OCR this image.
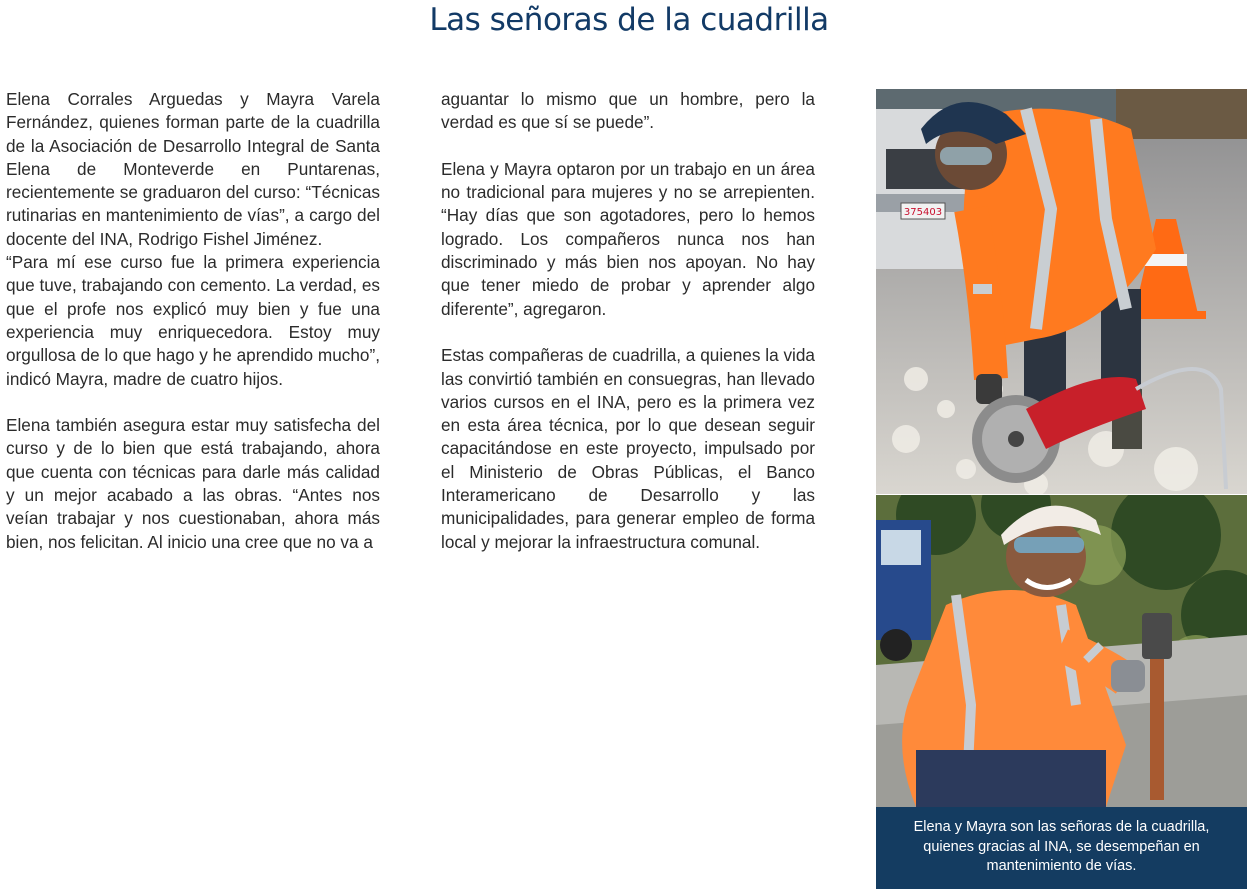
Las señoras de la cuadrilla

Elena Corrales Arguedas y Mayra Varela Fernández, quienes forman parte de la cuadrilla de la Asociación de Desarrollo Integral de Santa Elena de Monteverde en Puntarenas, recientemente se graduaron del curso: “Técnicas rutinarias en mantenimiento de vías”, a cargo del docente del INA, Rodrigo Fishel Jiménez.

“Para mí ese curso fue la primera experiencia que tuve, trabajando con cemento. La verdad, es que el profe nos explicó muy bien y fue una experiencia muy enriquecedora. Estoy muy orgullosa de lo que hago y he aprendido mucho”, indicó Mayra, madre de cuatro hijos.

Elena también asegura estar muy satisfecha del curso y de lo bien que está trabajando, ahora que cuenta con técnicas para darle más calidad y un mejor acabado a las obras. “Antes nos veían trabajar y nos cuestionaban, ahora más bien, nos felicitan. Al inicio una cree que no va a

aguantar lo mismo que un hombre, pero la verdad es que sí se puede”.

Elena y Mayra optaron por un trabajo en un área no tradicional para mujeres y no se arrepienten. “Hay días que son agotadores, pero lo hemos logrado. Los compañeros nunca nos han discriminado y más bien nos apoyan. No hay que tener miedo de probar y aprender algo diferente”, agregaron.

Estas compañeras de cuadrilla, a quienes la vida las convirtió también en consuegras, han llevado varios cursos en el INA, pero es la primera vez en esta área técnica, por lo que desean seguir capacitándose en este proyecto, impulsado por el Ministerio de Obras Públicas, el Banco Interamericano de Desarrollo y las municipalidades, para generar empleo de forma local y mejorar la infraestructura comunal.

375403

Elena y Mayra son las señoras de la cuadrilla, quienes gracias al INA, se desempeñan en mantenimiento de vías.
